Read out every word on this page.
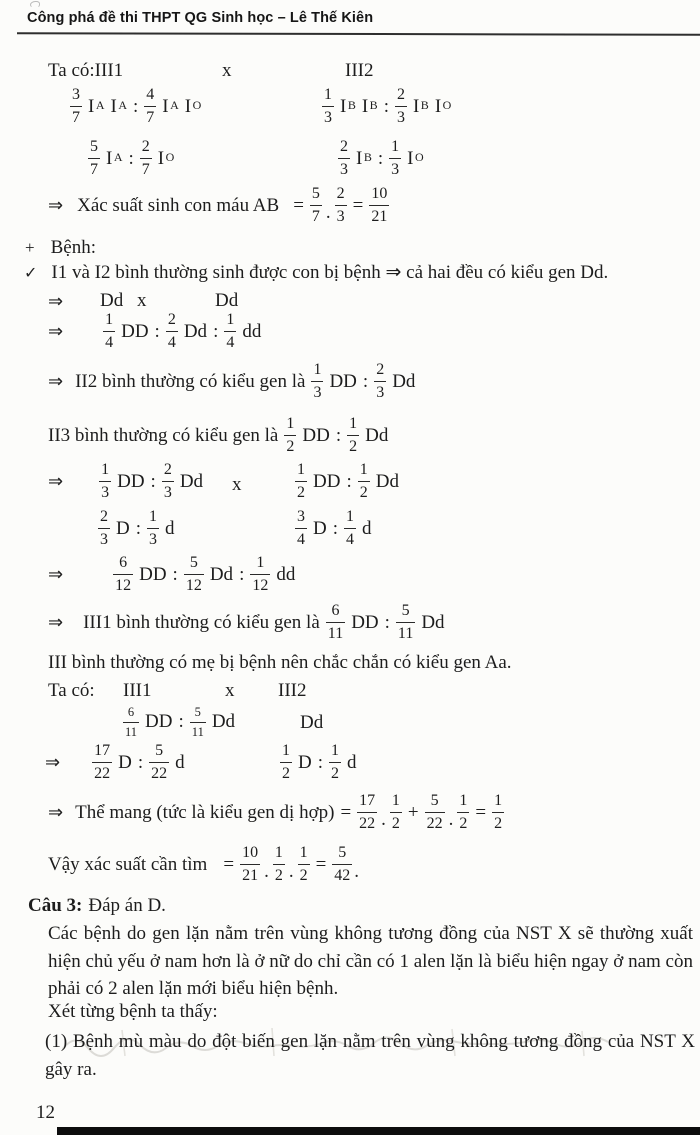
Công phá đề thi THPT QG Sinh học – Lê Thế Kiên
Ta có:III1	x	III2
$\frac{3}{7}$ I $^A$ I $^A$ : $\frac{4}{7}$ I $^A$ I $^O$	$\frac{1}{3}$ I $^B$ I $^B$ : $\frac{2}{3}$ I $^B$ I $^O$
$\frac{5}{7}$ I $^A$ : $\frac{2}{7}$ I $^O$	$\frac{2}{3}$ I $^B$ : $\frac{1}{3}$ I $^O$
⇒ Xác suất sinh con máu AB = $\frac{5}{7}$ . $\frac{2}{3} = \frac{10}{21}$
+ Bệnh:
✓ I1 và I2 bình thường sinh được con bị bệnh ⇒ cả hai đều có kiểu gen Dd.
⇒ Dd x	Dd
⇒	$\frac{1}{4}$ DD : $\frac{2}{4}$ Dd : $\frac{1}{4}$ dd
⇒ II2 bình thường có kiểu gen là $\frac{1}{3}$ DD : $\frac{2}{3}$ Dd
II3 bình thường có kiểu gen là $\frac{1}{2}$ DD : $\frac{1}{2}$ Dd
⇒ $\frac{1}{3}$ DD : $\frac{2}{3}$ Dd x	$\frac{1}{2}$ DD : $\frac{1}{2}$ Dd
$\frac{2}{3}$ D : $\frac{1}{3}$ d	$\frac{3}{4}$ D : $\frac{1}{4}$ d
⇒	$\frac{6}{12}$ DD : $\frac{5}{12}$ Dd : $\frac{1}{12}$ dd
⇒ III1 bình thường có kiểu gen là $\frac{6}{11}$ DD : $\frac{5}{11}$ Dd
III bình thường có mẹ bị bệnh nên chắc chắn có kiểu gen Aa.
Ta có: III1	x III2
$\frac{6}{11}$ DD : $\frac{5}{11}$ Dd	Dd
⇒ $\frac{17}{22}$ D : $\frac{5}{22}$ d	$\frac{1}{2}$ D : $\frac{1}{2}$ d
⇒ Thể mang (tức là kiểu gen dị hợp) = $\frac{17}{22}$ . $\frac{1}{2} + \frac{5}{22}$ . $\frac{1}{2} = \frac{1}{2}$
Vậy xác suất cần tìm = $\frac{10}{21}$ . $\frac{1}{2}$ . $\frac{1}{2} = \frac{5}{42}$ .
Câu 3: Đáp án D.
Các bệnh do gen lặn nằm trên vùng không tương đồng của NST X sẽ thường xuất hiện chủ yếu ở nam hơn là ở nữ do chỉ cần có 1 alen lặn là biểu hiện ngay ở nam còn phải có 2 alen lặn mới biểu hiện bệnh.
Xét từng bệnh ta thấy:
(1) Bệnh mù màu do đột biến gen lặn nằm trên vùng không tương đồng của NST X gây ra.
12
